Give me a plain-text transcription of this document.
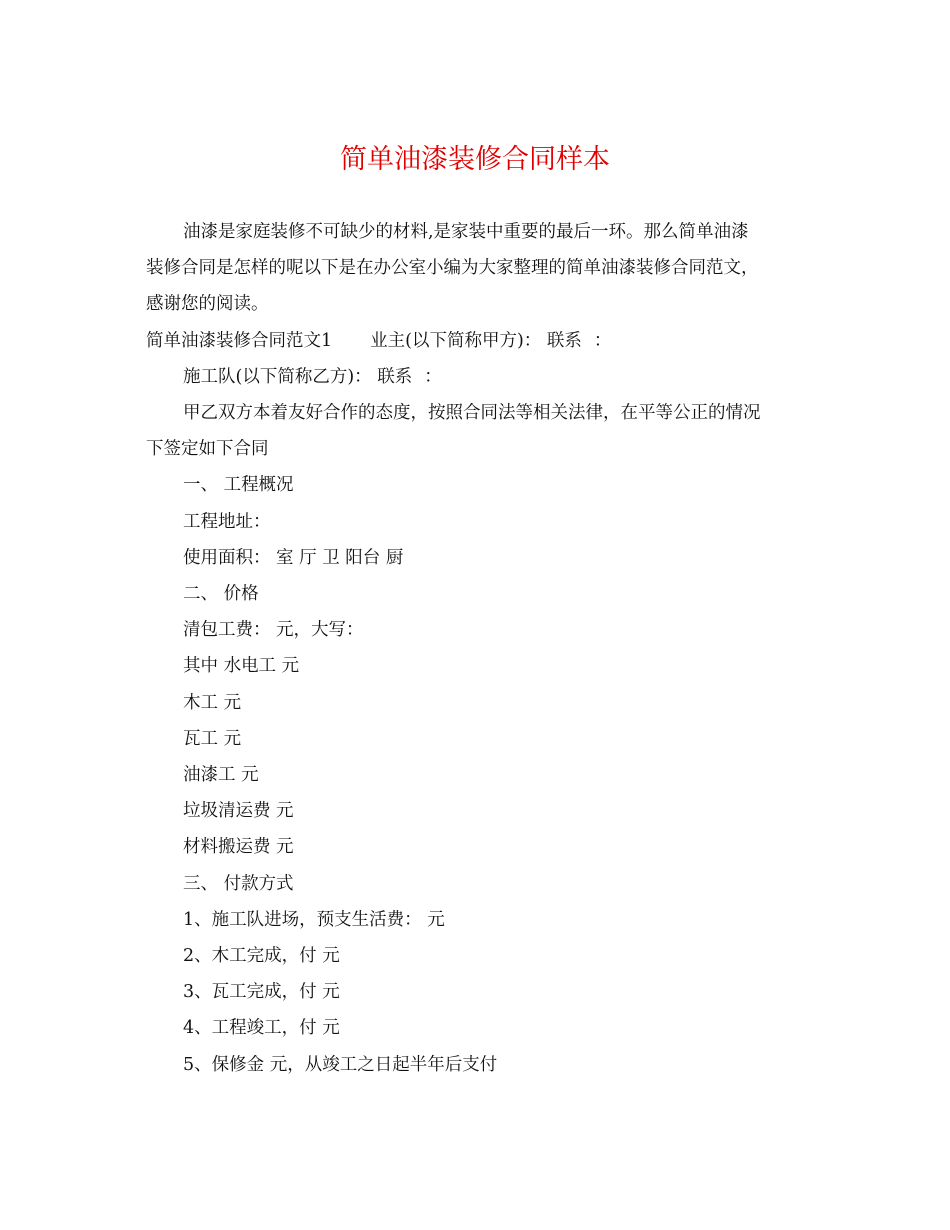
简单油漆装修合同样本

油漆是家庭装修不可缺少的材料,是家装中重要的最后一环。那么简单油漆

装修合同是怎样的呢以下是在办公室小编为大家整理的简单油漆装修合同范文，

感谢您的阅读。

简单油漆装修合同范文1 业主(以下简称甲方)： 联系 ：

施工队(以下简称乙方)： 联系 ：

甲乙双方本着友好合作的态度，按照合同法等相关法律，在平等公正的情况

下签定如下合同

一、 工程概况

工程地址：

使用面积： 室 厅 卫 阳台 厨

二、 价格

清包工费： 元，大写：

其中 水电工 元

木工 元

瓦工 元

油漆工 元

垃圾清运费 元

材料搬运费 元

三、 付款方式

1、施工队进场，预支生活费： 元

2、木工完成，付 元

3、瓦工完成，付 元

4、工程竣工，付 元

5、保修金 元，从竣工之日起半年后支付
